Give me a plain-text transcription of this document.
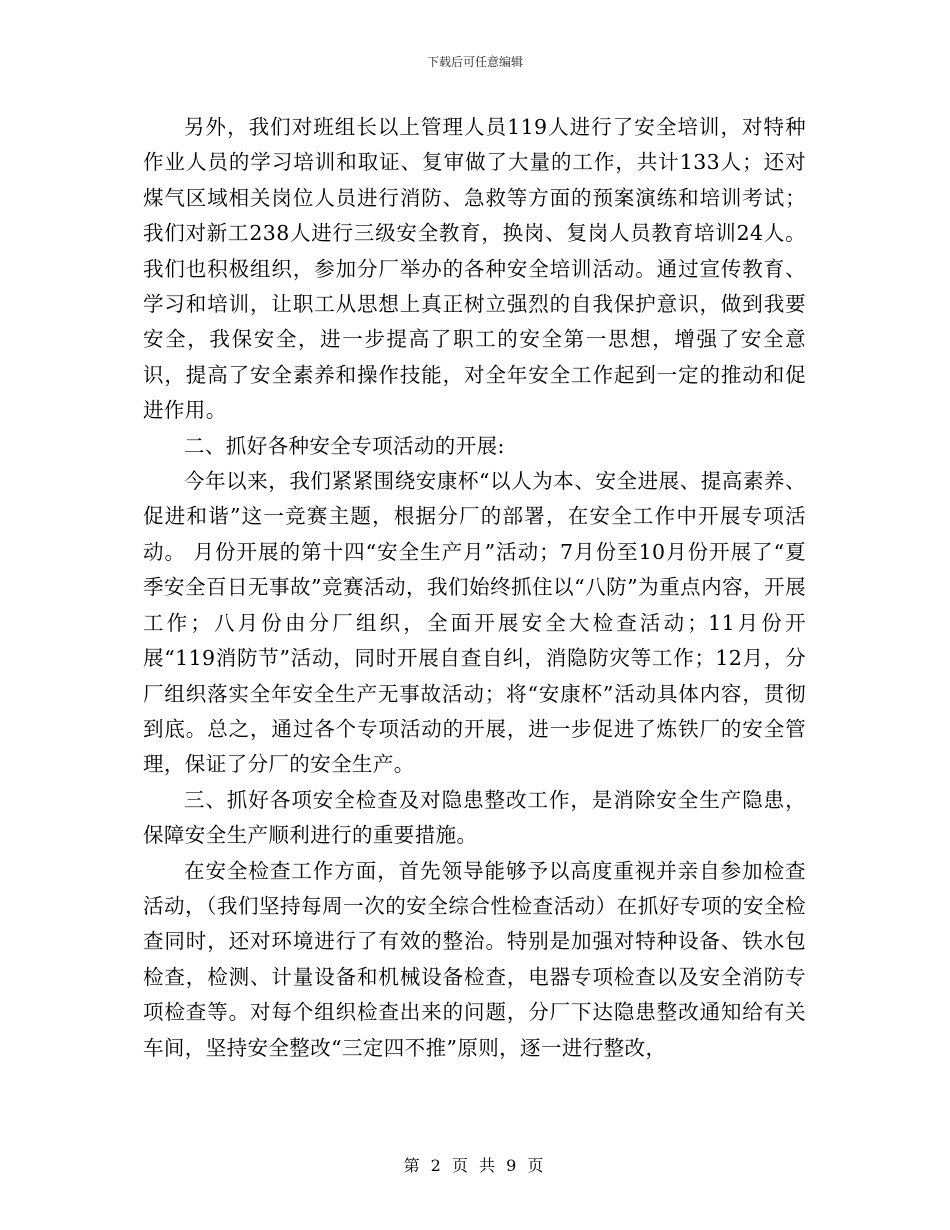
下载后可任意编辑

另外，我们对班组长以上管理人员119人进行了安全培训，对特种作业人员的学习培训和取证、复审做了大量的工作，共计133人；还对煤气区域相关岗位人员进行消防、急救等方面的预案演练和培训考试；我们对新工238人进行三级安全教育，换岗、复岗人员教育培训24人。我们也积极组织，参加分厂举办的各种安全培训活动。通过宣传教育、学习和培训，让职工从思想上真正树立强烈的自我保护意识，做到我要安全，我保安全，进一步提高了职工的安全第一思想，增强了安全意识，提高了安全素养和操作技能，对全年安全工作起到一定的推动和促进作用。

二、抓好各种安全专项活动的开展:

今年以来，我们紧紧围绕安康杯“以人为本、安全进展、提高素养、促进和谐”这一竞赛主题，根据分厂的部署，在安全工作中开展专项活动。 月份开展的第十四“安全生产月”活动；7月份至10月份开展了“夏季安全百日无事故”竞赛活动，我们始终抓住以“八防”为重点内容，开展工作；八月份由分厂组织，全面开展安全大检查活动；11月份开展“119消防节”活动，同时开展自查自纠，消隐防灾等工作；12月，分厂组织落实全年安全生产无事故活动；将“安康杯”活动具体内容，贯彻到底。总之，通过各个专项活动的开展，进一步促进了炼铁厂的安全管理，保证了分厂的安全生产。

三、抓好各项安全检查及对隐患整改工作，是消除安全生产隐患，保障安全生产顺利进行的重要措施。

在安全检查工作方面，首先领导能够予以高度重视并亲自参加检查活动，（我们坚持每周一次的安全综合性检查活动）在抓好专项的安全检查同时，还对环境进行了有效的整治。特别是加强对特种设备、铁水包检查，检测、计量设备和机械设备检查，电器专项检查以及安全消防专项检查等。对每个组织检查出来的问题，分厂下达隐患整改通知给有关车间，坚持安全整改“三定四不推”原则，逐一进行整改，

第 2 页 共 9 页
